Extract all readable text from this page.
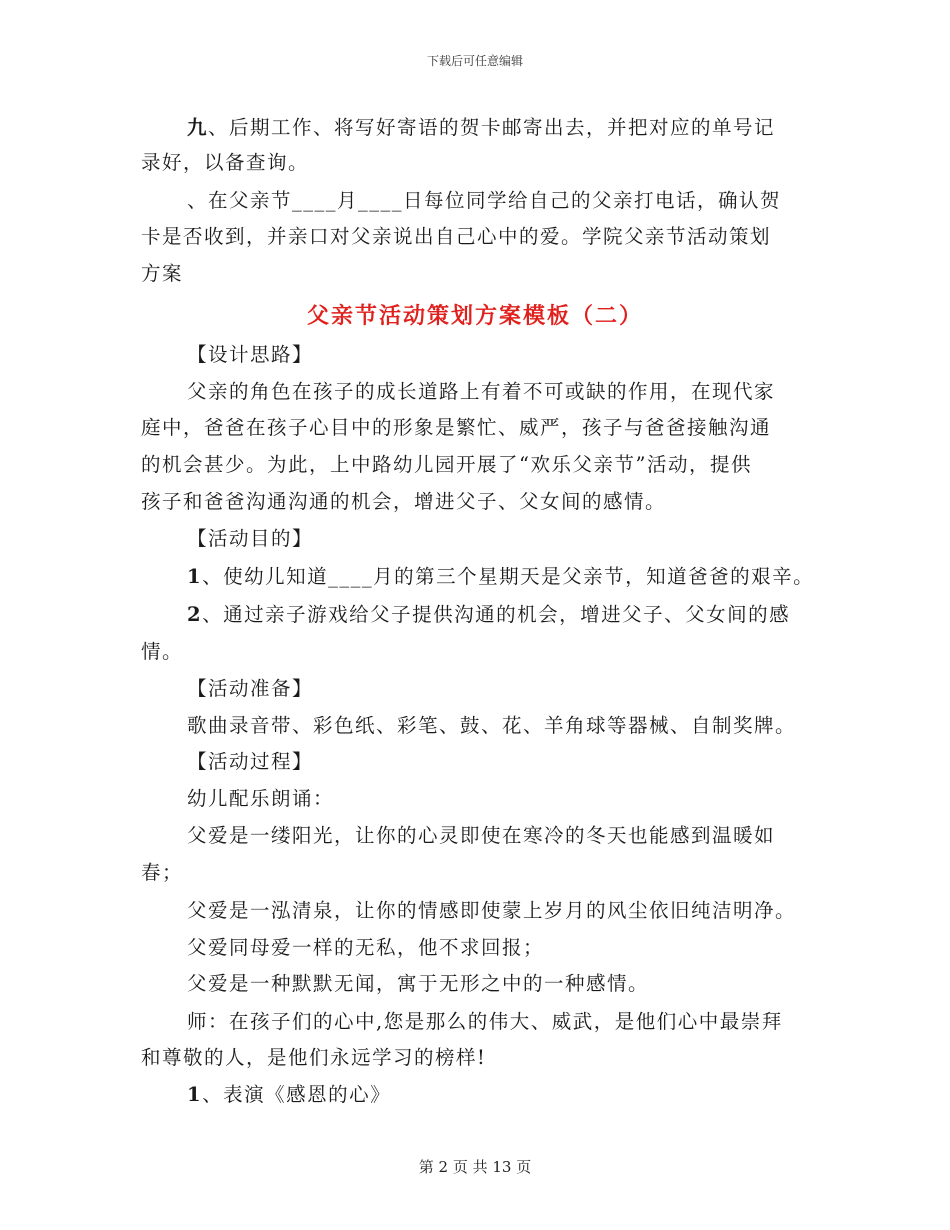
下载后可任意编辑
九、后期工作、将写好寄语的贺卡邮寄出去，并把对应的单号记
录好，以备查询。
、在父亲节____月____日每位同学给自己的父亲打电话，确认贺
卡是否收到，并亲口对父亲说出自己心中的爱。学院父亲节活动策划
方案
父亲节活动策划方案模板（二）
【设计思路】
父亲的角色在孩子的成长道路上有着不可或缺的作用，在现代家
庭中，爸爸在孩子心目中的形象是繁忙、威严，孩子与爸爸接触沟通
的机会甚少。为此，上中路幼儿园开展了“欢乐父亲节”活动，提供
孩子和爸爸沟通沟通的机会，增进父子、父女间的感情。
【活动目的】
1、使幼儿知道____月的第三个星期天是父亲节，知道爸爸的艰辛。
2、通过亲子游戏给父子提供沟通的机会，增进父子、父女间的感
情。
【活动准备】
歌曲录音带、彩色纸、彩笔、鼓、花、羊角球等器械、自制奖牌。
【活动过程】
幼儿配乐朗诵：
父爱是一缕阳光，让你的心灵即使在寒冷的冬天也能感到温暖如
春；
父爱是一泓清泉，让你的情感即使蒙上岁月的风尘依旧纯洁明净。
父爱同母爱一样的无私，他不求回报；
父爱是一种默默无闻，寓于无形之中的一种感情。
师：在孩子们的心中,您是那么的伟大、威武，是他们心中最崇拜
和尊敬的人，是他们永远学习的榜样!
1、表演《感恩的心》
第 2 页 共 13 页
